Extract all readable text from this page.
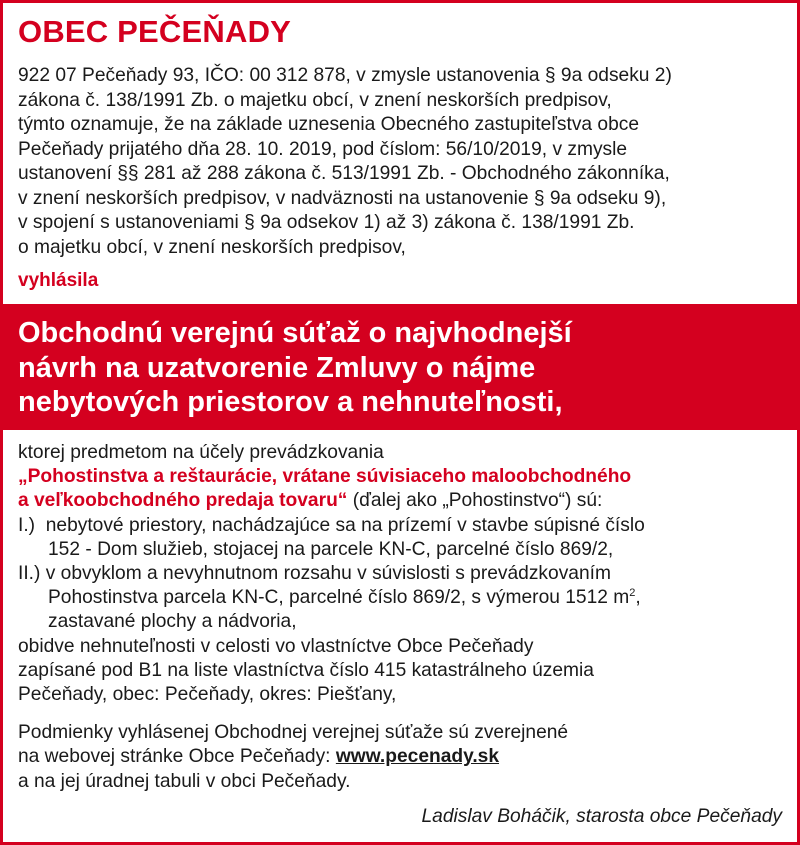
OBEC PEČEŇADY
922 07 Pečeňady 93, IČO: 00 312 878, v zmysle ustanovenia § 9a odseku 2)
zákona č. 138/1991 Zb. o majetku obcí, v znení neskorších predpisov,
týmto oznamuje, že na základe uznesenia Obecného zastupiteľstva obce
Pečeňady prijatého dňa 28. 10. 2019, pod číslom: 56/10/2019, v zmysle
ustanovení §§ 281 až 288 zákona č. 513/1991 Zb. - Obchodného zákonníka,
v znení neskorších predpisov, v nadväznosti na ustanovenie § 9a odseku 9),
v spojení s ustanoveniami § 9a odsekov 1) až 3) zákona č. 138/1991 Zb.
o majetku obcí, v znení neskorších predpisov,
vyhlásila
Obchodnú verejnú súťaž o najvhodnejší
návrh na uzatvorenie Zmluvy o nájme
nebytových priestorov a nehnuteľnosti,
ktorej predmetom na účely prevádzkovania
„Pohostinstva a reštaurácie, vrátane súvisiaceho maloobchodného
a veľkoobchodného predaja tovaru“ (ďalej ako „Pohostinstvo“) sú:
I.) nebytové priestory, nachádzajúce sa na prízemí v stavbe súpisné číslo
152 - Dom služieb, stojacej na parcele KN-C, parcelné číslo 869/2,
II.) v obvyklom a nevyhnutnom rozsahu v súvislosti s prevádzkovaním
Pohostinstva parcela KN-C, parcelné číslo 869/2, s výmerou 1512 $m^2$,
zastavané plochy a nádvoria,
obidve nehnuteľnosti v celosti vo vlastníctve Obce Pečeňady
zapísané pod B1 na liste vlastníctva číslo 415 katastrálneho územia
Pečeňady, obec: Pečeňady, okres: Piešťany,
Podmienky vyhlásenej Obchodnej verejnej súťaže sú zverejnené
na webovej stránke Obce Pečeňady: www.pecenady.sk
a na jej úradnej tabuli v obci Pečeňady.
Ladislav Boháčik, starosta obce Pečeňady
